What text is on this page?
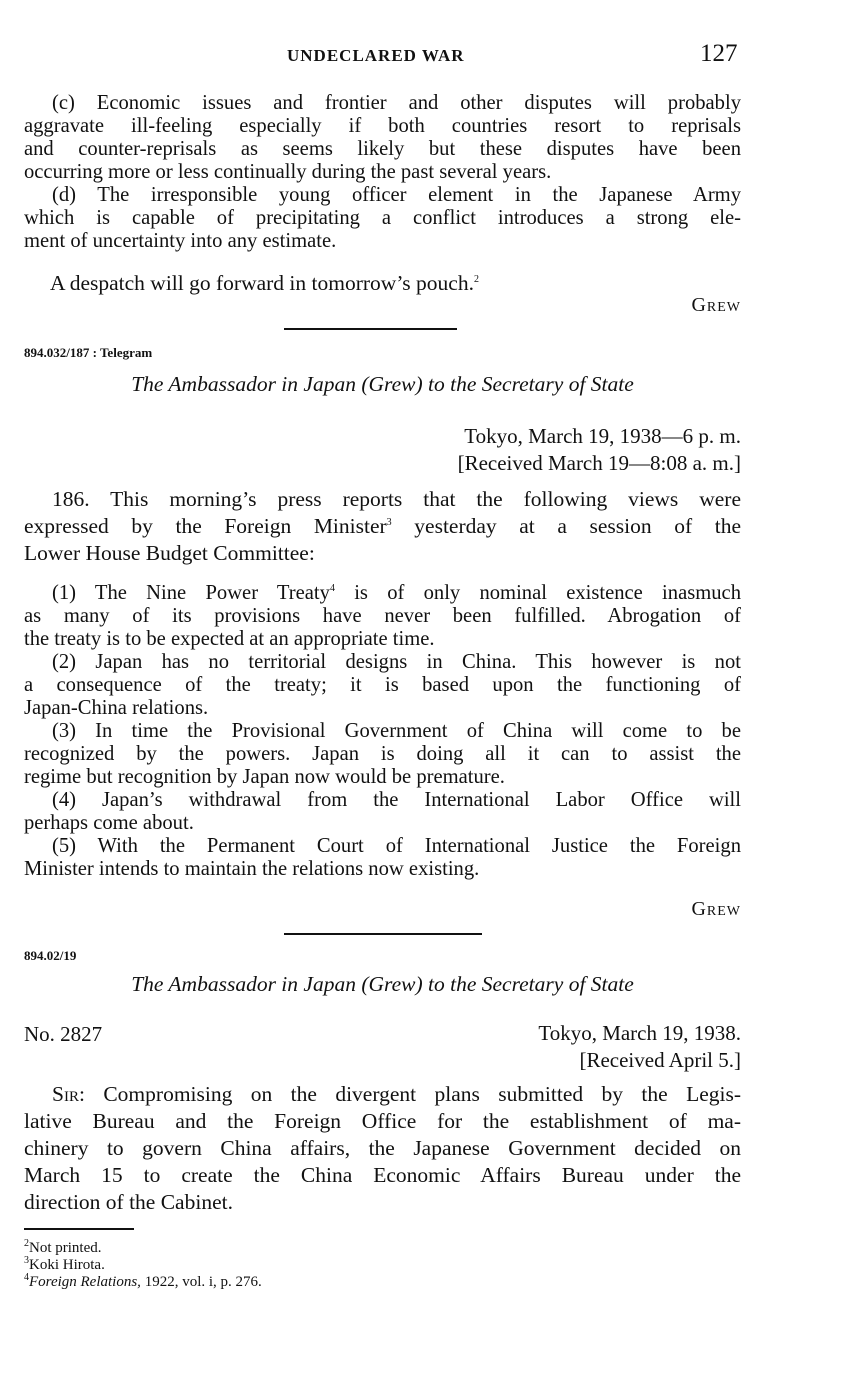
UNDECLARED WAR	127
(c) Economic issues and frontier and other disputes will probably
aggravate ill-feeling especially if both countries resort to reprisals
and counter-reprisals as seems likely but these disputes have been
occurring more or less continually during the past several years.
(d) The irresponsible young officer element in the Japanese Army
which is capable of precipitating a conflict introduces a strong ele-
ment of uncertainty into any estimate.
A despatch will go forward in tomorrow’s pouch.$^2$
Grew
894.032/187 : Telegram
The Ambassador in Japan (Grew) to the Secretary of State
Tokyo, March 19, 1938—6 p. m.
[Received March 19—8:08 a. m.]
186. This morning’s press reports that the following views were
expressed by the Foreign Minister$^3$ yesterday at a session of the
Lower House Budget Committee:
(1) The Nine Power Treaty$^4$ is of only nominal existence inasmuch
as many of its provisions have never been fulfilled. Abrogation of
the treaty is to be expected at an appropriate time.
(2) Japan has no territorial designs in China. This however is not
a consequence of the treaty; it is based upon the functioning of
Japan-China relations.
(3) In time the Provisional Government of China will come to be
recognized by the powers. Japan is doing all it can to assist the
regime but recognition by Japan now would be premature.
(4) Japan’s withdrawal from the International Labor Office will
perhaps come about.
(5) With the Permanent Court of International Justice the Foreign
Minister intends to maintain the relations now existing.
Grew
894.02/19
The Ambassador in Japan (Grew) to the Secretary of State
No. 2827	Tokyo, March 19, 1938.
[Received April 5.]
Sir: Compromising on the divergent plans submitted by the Legis-
lative Bureau and the Foreign Office for the establishment of ma-
chinery to govern China affairs, the Japanese Government decided on
March 15 to create the China Economic Affairs Bureau under the
direction of the Cabinet.
$^2$Not printed.
$^3$Koki Hirota.
$^4$Foreign Relations, 1922, vol. i, p. 276.
